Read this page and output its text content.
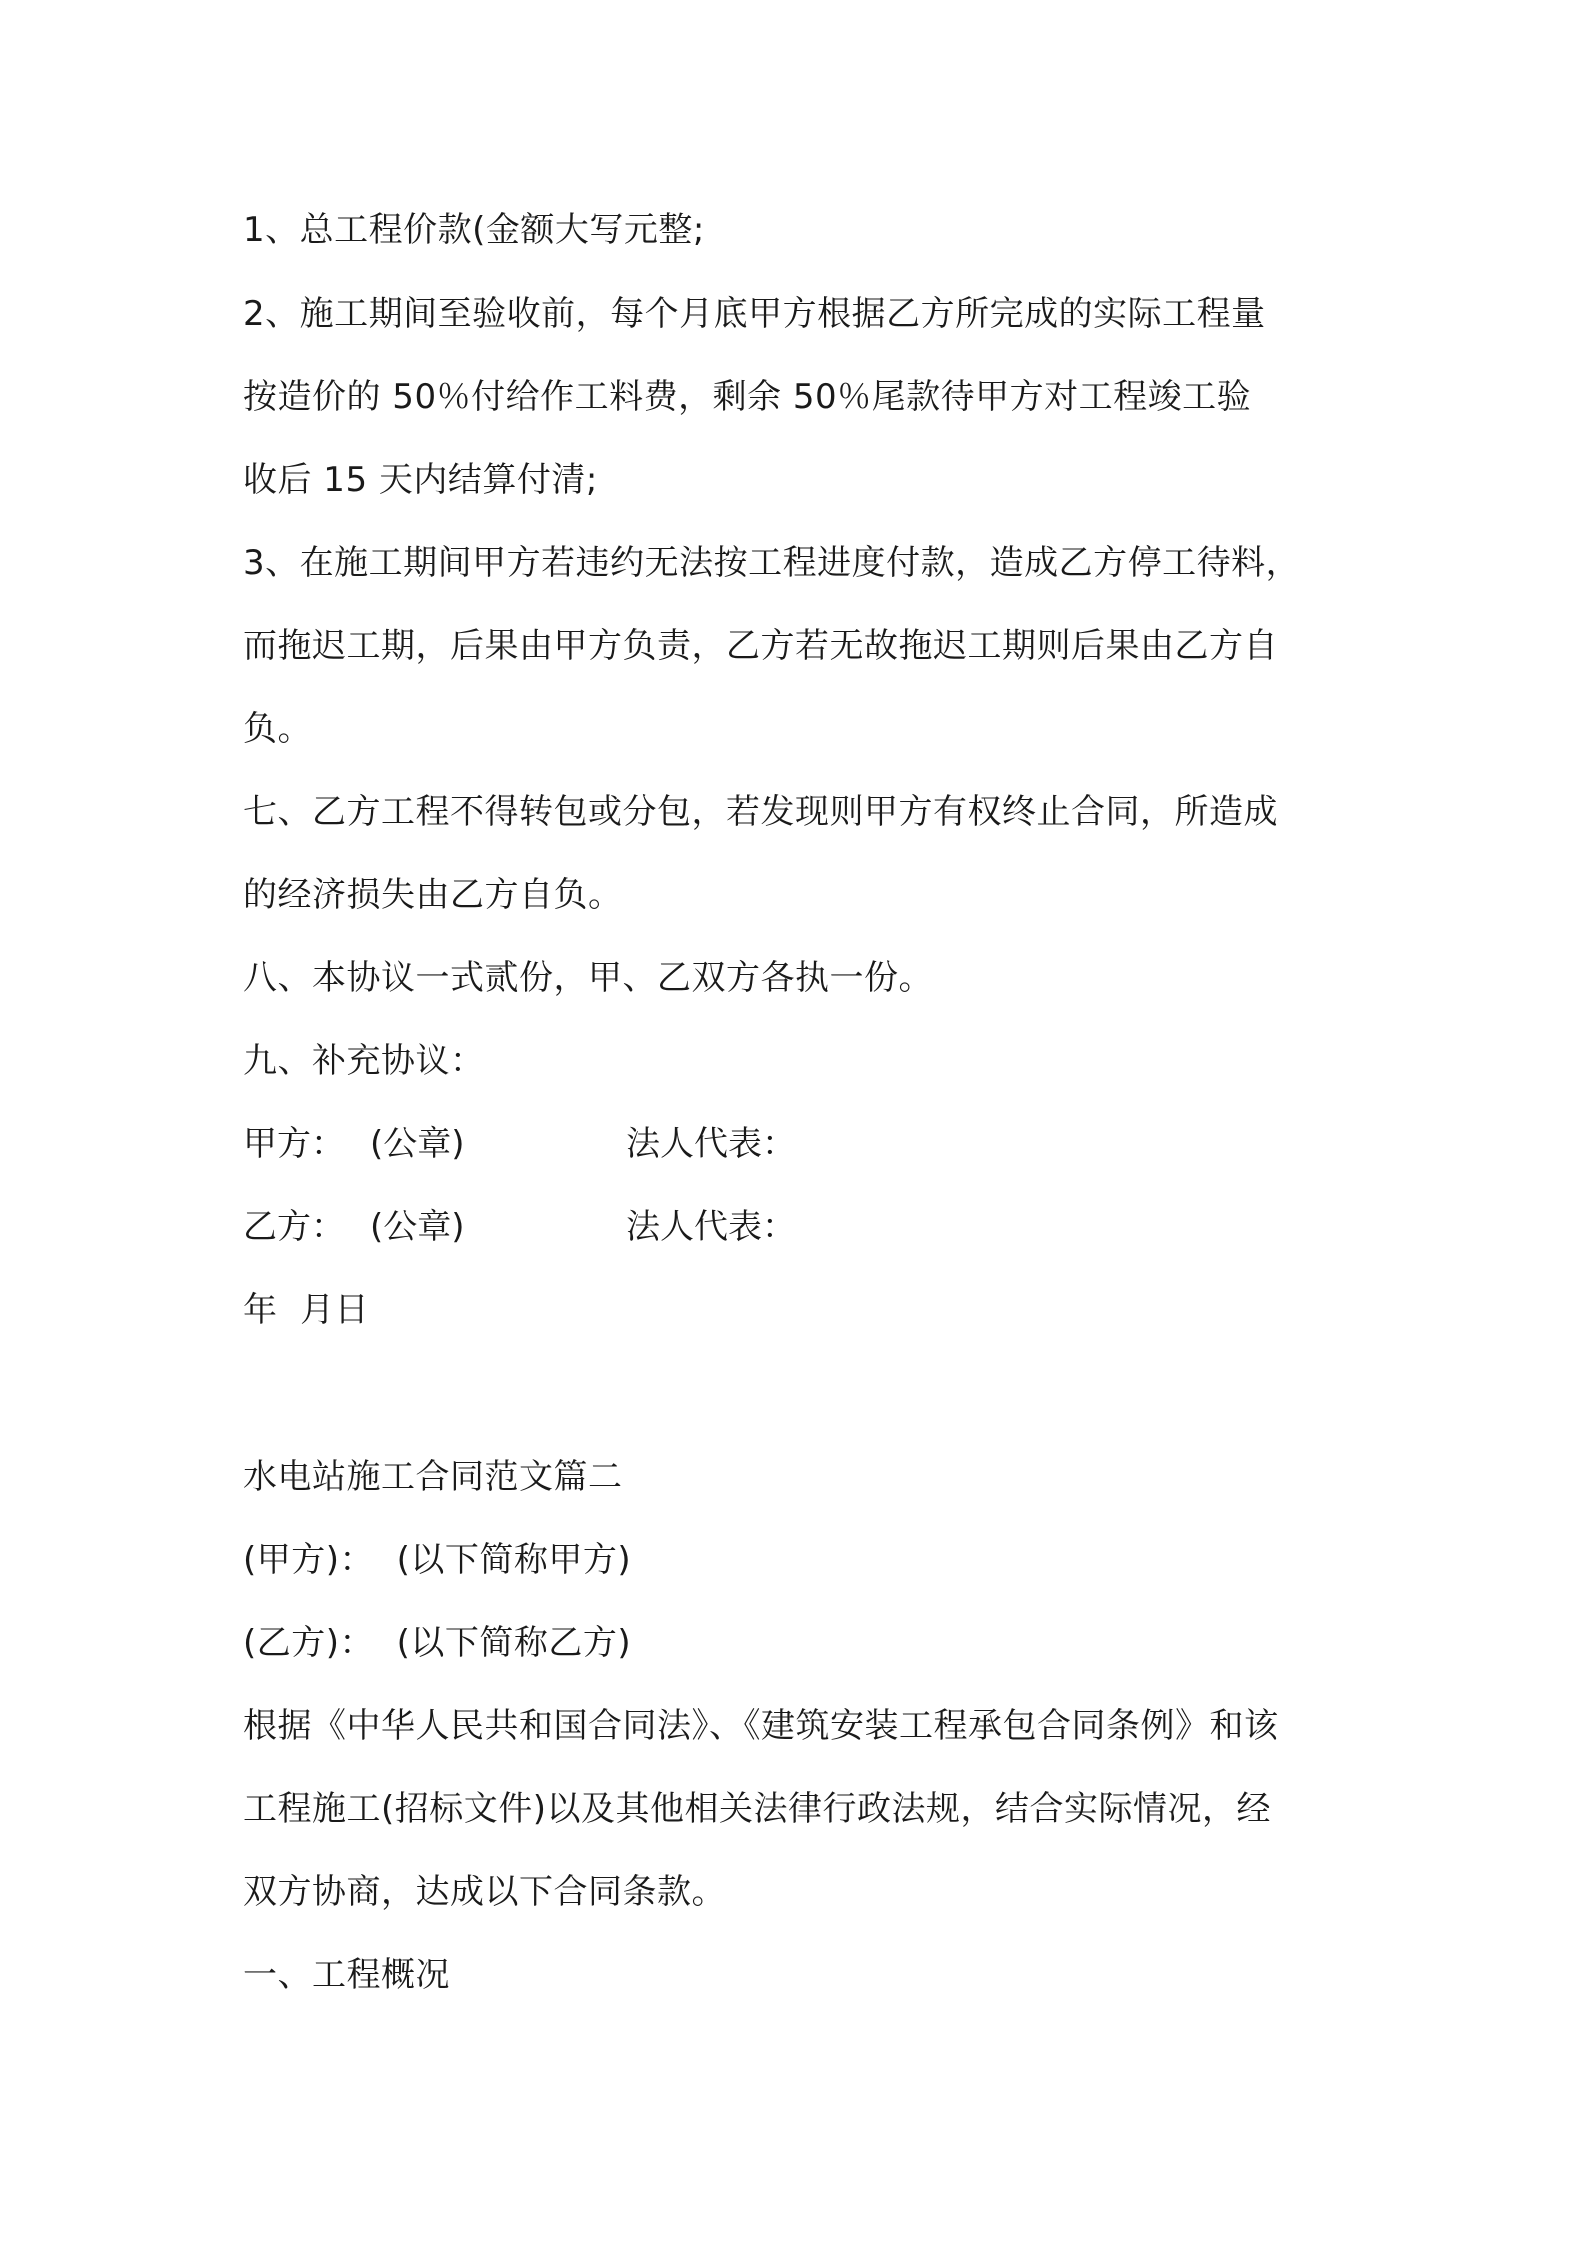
1、总工程价款(金额大写元整;
2、施工期间至验收前，每个月底甲方根据乙方所完成的实际工程量
按造价的 50％付给作工料费，剩余 50％尾款待甲方对工程竣工验
收后 15 天内结算付清;
3、在施工期间甲方若违约无法按工程进度付款，造成乙方停工待料，
而拖迟工期，后果由甲方负责，乙方若无故拖迟工期则后果由乙方自
负。
七、乙方工程不得转包或分包，若发现则甲方有权终止合同，所造成
的经济损失由乙方自负。
八、本协议一式贰份，甲、乙双方各执一份。
九、补充协议：
甲方： (公章)	法人代表：
乙方： (公章)	法人代表：
年  月日
水电站施工合同范文篇二
(甲方)：  (以下简称甲方)
(乙方)：  (以下简称乙方)
根据《中华人民共和国合同法》、《建筑安装工程承包合同条例》和该
工程施工(招标文件)以及其他相关法律行政法规，结合实际情况，经
双方协商，达成以下合同条款。
一、工程概况
